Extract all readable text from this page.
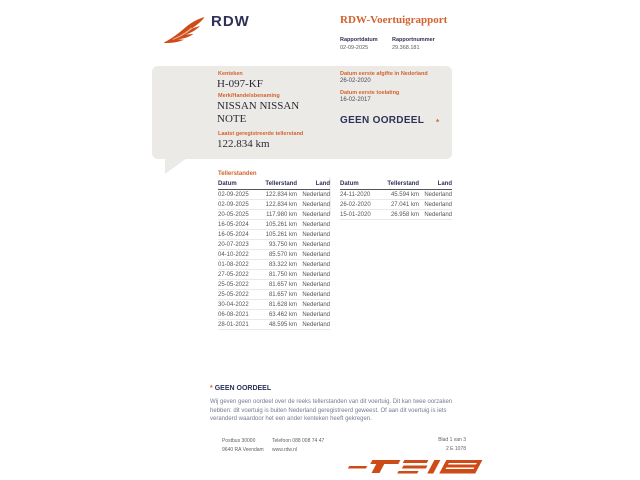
RDW	RDW-Voertuigrapport
Rapportdatum
02-09-2025
Rapportnummer
29.368.181
Kenteken
H-097-KF
Merk/Handelsbenaming
NISSAN NISSAN
NOTE
Laatst geregistreerde tellerstand
122.834 km
Datum eerste afgifte in Nederland
26-02-2020
Datum eerste toelating
16-02-2017
GEEN OORDEEL *
Tellerstanden
Datum	Tellerstand	Land
02-09-2025	122.834 km	Nederland
02-09-2025	122.834 km	Nederland
20-05-2025	117.980 km	Nederland
16-05-2024	105.261 km	Nederland
16-05-2024	105.261 km	Nederland
20-07-2023	93.750 km	Nederland
04-10-2022	85.570 km	Nederland
01-08-2022	83.322 km	Nederland
27-05-2022	81.750 km	Nederland
25-05-2022	81.657 km	Nederland
25-05-2022	81.657 km	Nederland
30-04-2022	81.628 km	Nederland
06-08-2021	63.462 km	Nederland
28-01-2021	48.595 km	Nederland
Datum	Tellerstand	Land
24-11-2020	45.594 km	Nederland
26-02-2020	27.041 km	Nederland
15-01-2020	26.958 km	Nederland
* GEEN OORDEEL
Wij geven geen oordeel over de reeks tellerstanden van dit voertuig. Dit kan twee oorzaken hebben: dit voertuig is buiten Nederland geregistreerd geweest. Of aan dit voertuig is iets veranderd waardoor het een ander kenteken heeft gekregen.
Postbus 30000
9640 RA Veendam
Telefoon 088 008 74 47
www.rdw.nl
Blad 1 van 3
2 E 1078
